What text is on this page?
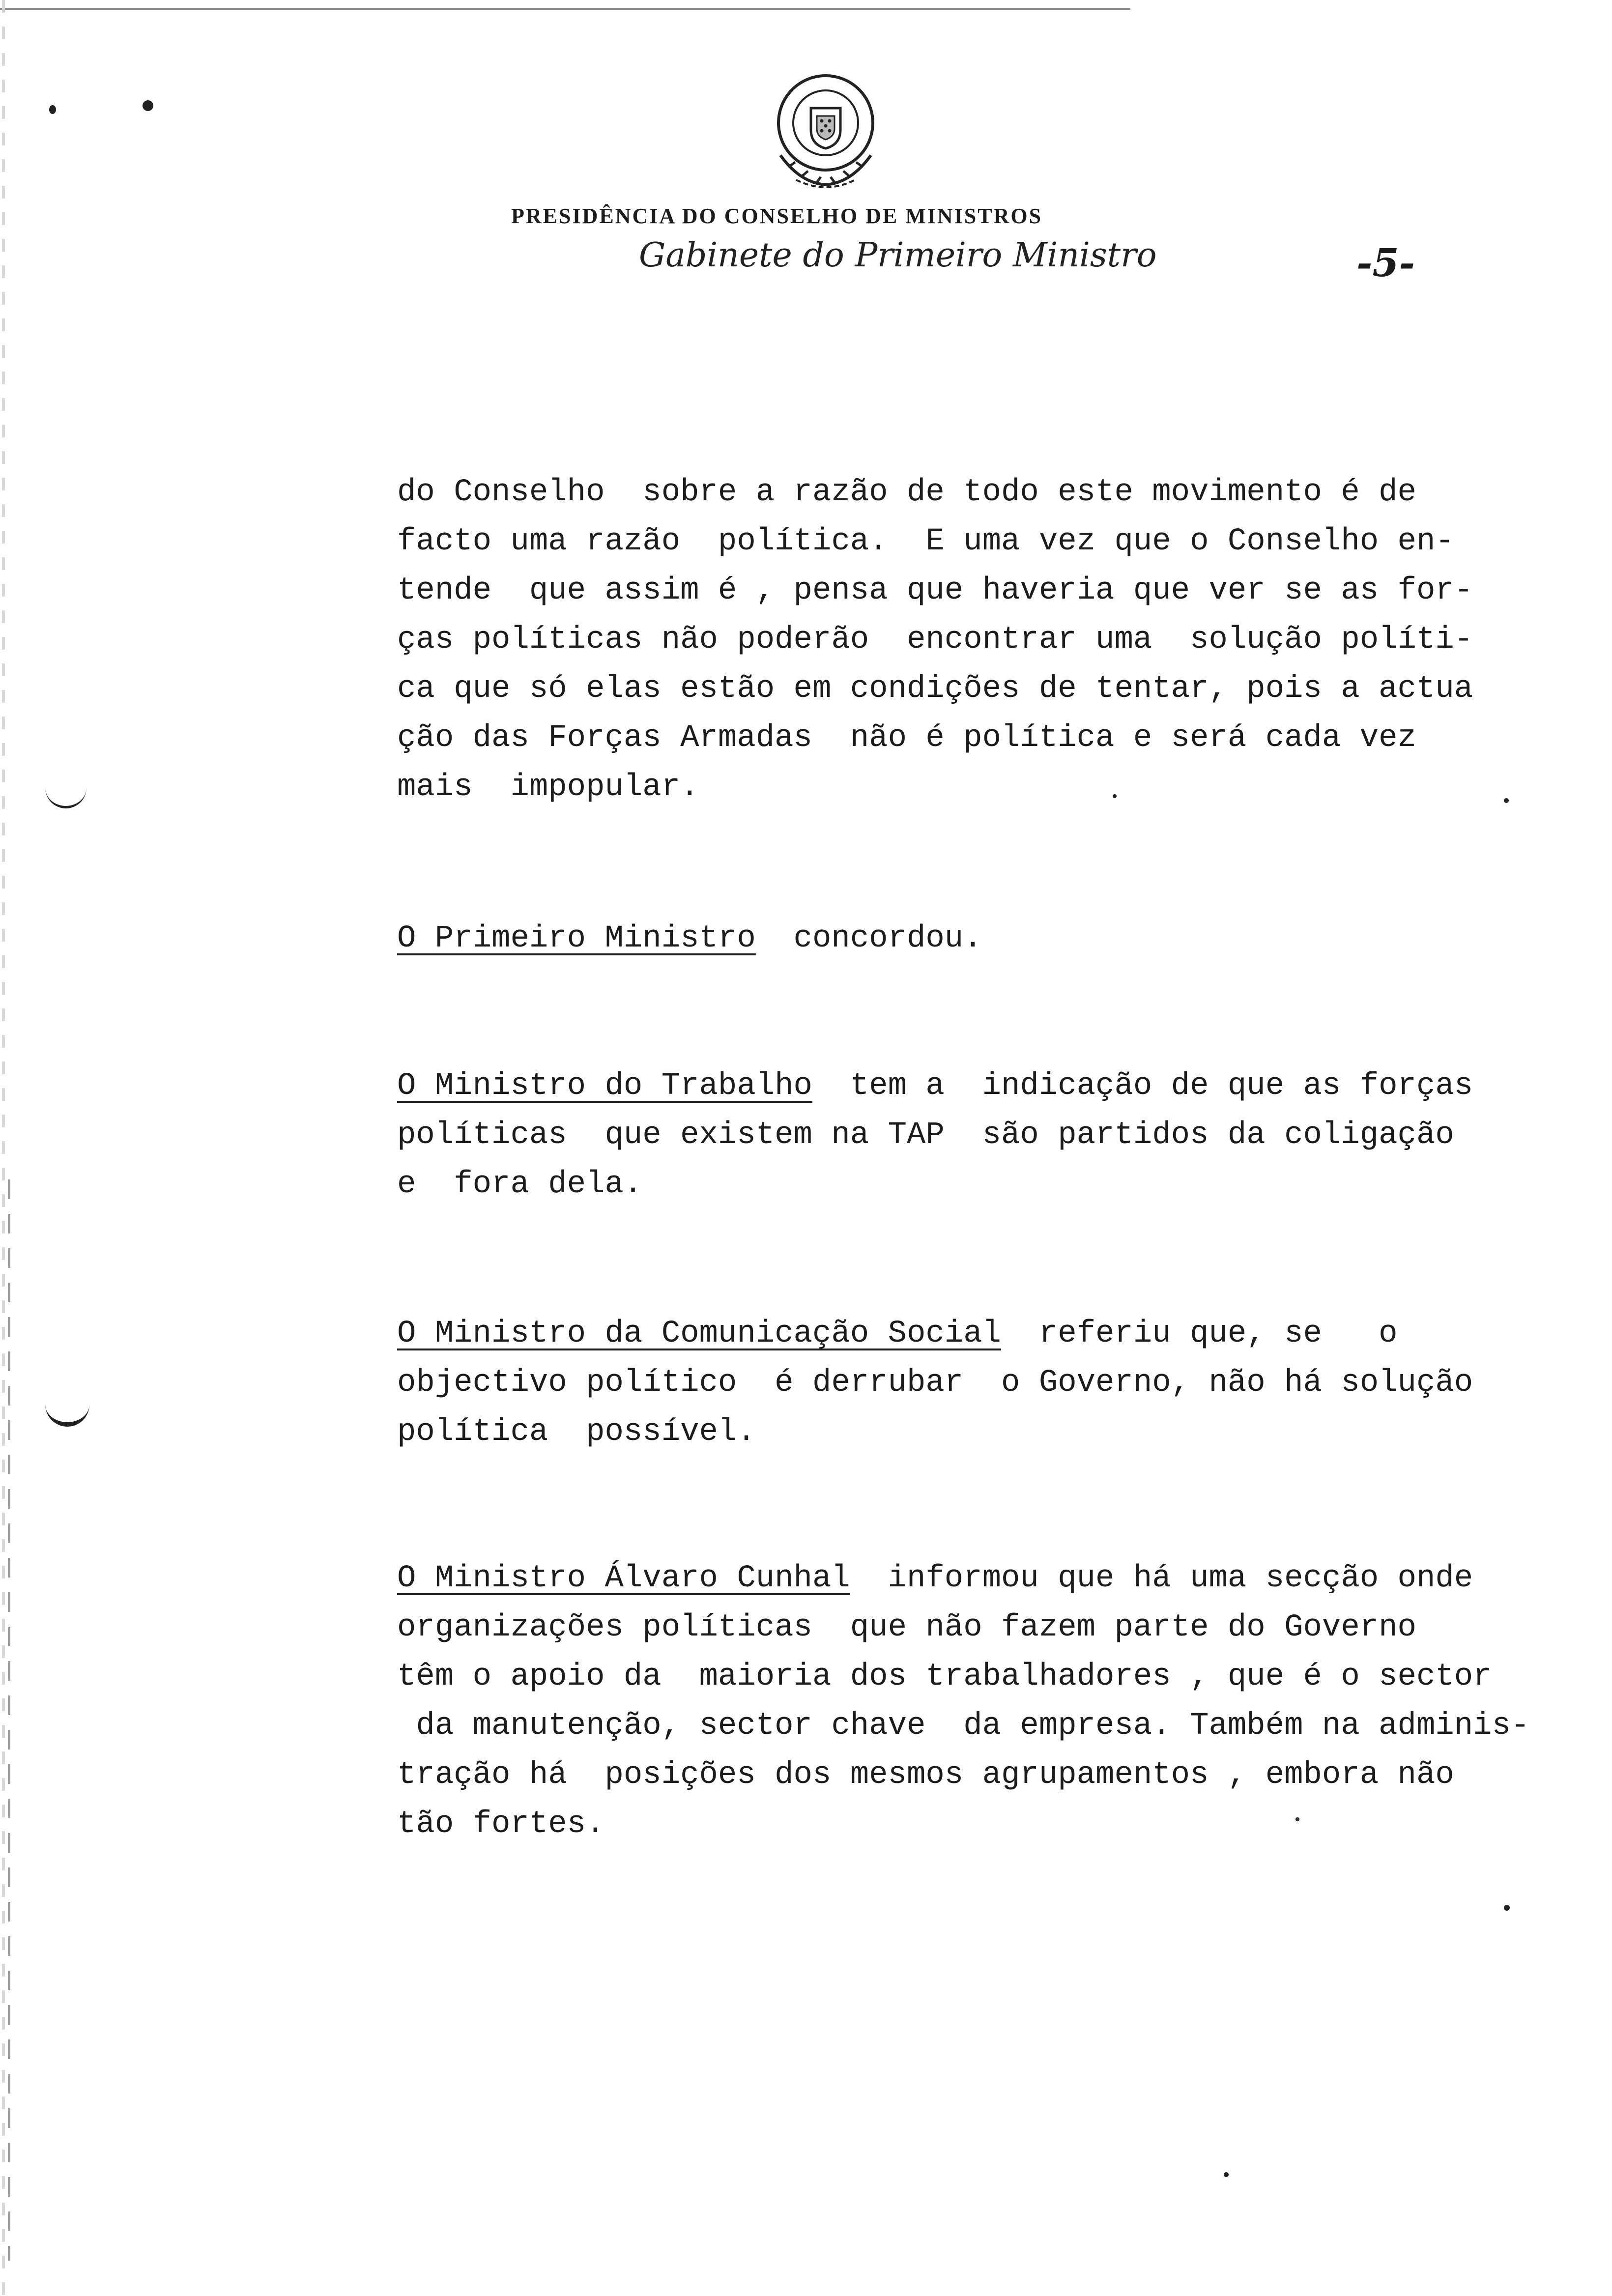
PRESIDÊNCIA DO CONSELHO DE MINISTROS
Gabinete do Primeiro Ministro	-5-
do Conselho  sobre a razão de todo este movimento é de
facto uma razão  política.  E uma vez que o Conselho en-
tende  que assim é , pensa que haveria que ver se as for-
ças políticas não poderão  encontrar uma  solução políti-
ca que só elas estão em condições de tentar, pois a actua
ção das Forças Armadas  não é política e será cada vez
mais  impopular.
O Primeiro Ministro  concordou.
O Ministro do Trabalho  tem a  indicação de que as forças
políticas  que existem na TAP  são partidos da coligação
e  fora dela.
O Ministro da Comunicação Social  referiu que, se   o
objectivo político  é derrubar  o Governo, não há solução
política  possível.
O Ministro Álvaro Cunhal  informou que há uma secção onde
organizações políticas  que não fazem parte do Governo
têm o apoio da  maioria dos trabalhadores , que é o sector
da manutenção, sector chave  da empresa. Também na adminis-
tração há  posições dos mesmos agrupamentos , embora não
tão fortes.
